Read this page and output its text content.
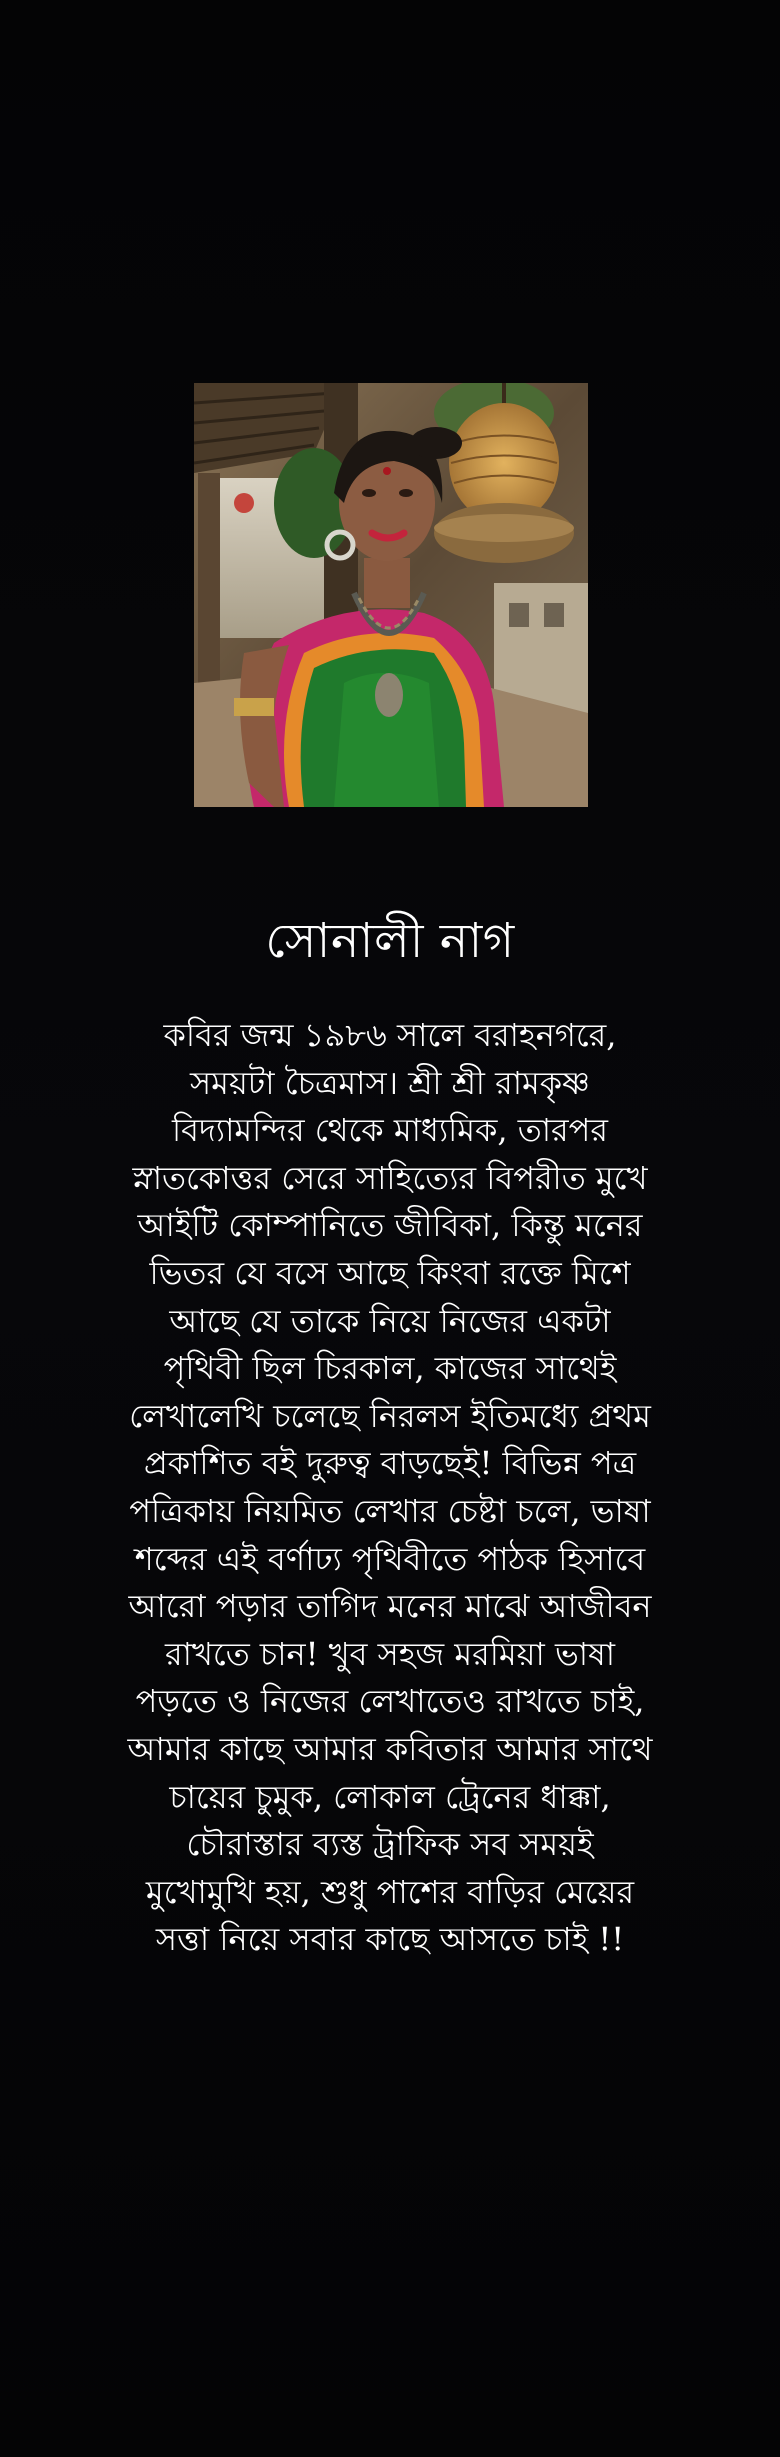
সোনালী নাগ
কবির জন্ম ১৯৮৬ সালে বরাহনগরে,
সময়টা চৈত্রমাস। শ্রী শ্রী রামকৃষ্ণ
বিদ্যামন্দির থেকে মাধ্যমিক, তারপর
স্নাতকোত্তর সেরে সাহিত্যের বিপরীত মুখে
আইটি কোম্পানিতে জীবিকা, কিন্তু মনের
ভিতর যে বসে আছে কিংবা রক্তে মিশে
আছে যে তাকে নিয়ে নিজের একটা
পৃথিবী ছিল চিরকাল, কাজের সাথেই
লেখালেখি চলেছে নিরলস ইতিমধ্যে প্রথম
প্রকাশিত বই দুরুত্ব বাড়ছেই! বিভিন্ন পত্র
পত্রিকায় নিয়মিত লেখার চেষ্টা চলে, ভাষা
শব্দের এই বর্ণাঢ্য পৃথিবীতে পাঠক হিসাবে
আরো পড়ার তাগিদ মনের মাঝে আজীবন
রাখতে চান! খুব সহজ মরমিয়া ভাষা
পড়তে ও নিজের লেখাতেও রাখতে চাই,
আমার কাছে আমার কবিতার আমার সাথে
চায়ের চুমুক, লোকাল ট্রেনের ধাক্কা,
চৌরাস্তার ব্যস্ত ট্রাফিক সব সময়ই
মুখোমুখি হয়, শুধু পাশের বাড়ির মেয়ের
সত্তা নিয়ে সবার কাছে আসতে চাই !!
